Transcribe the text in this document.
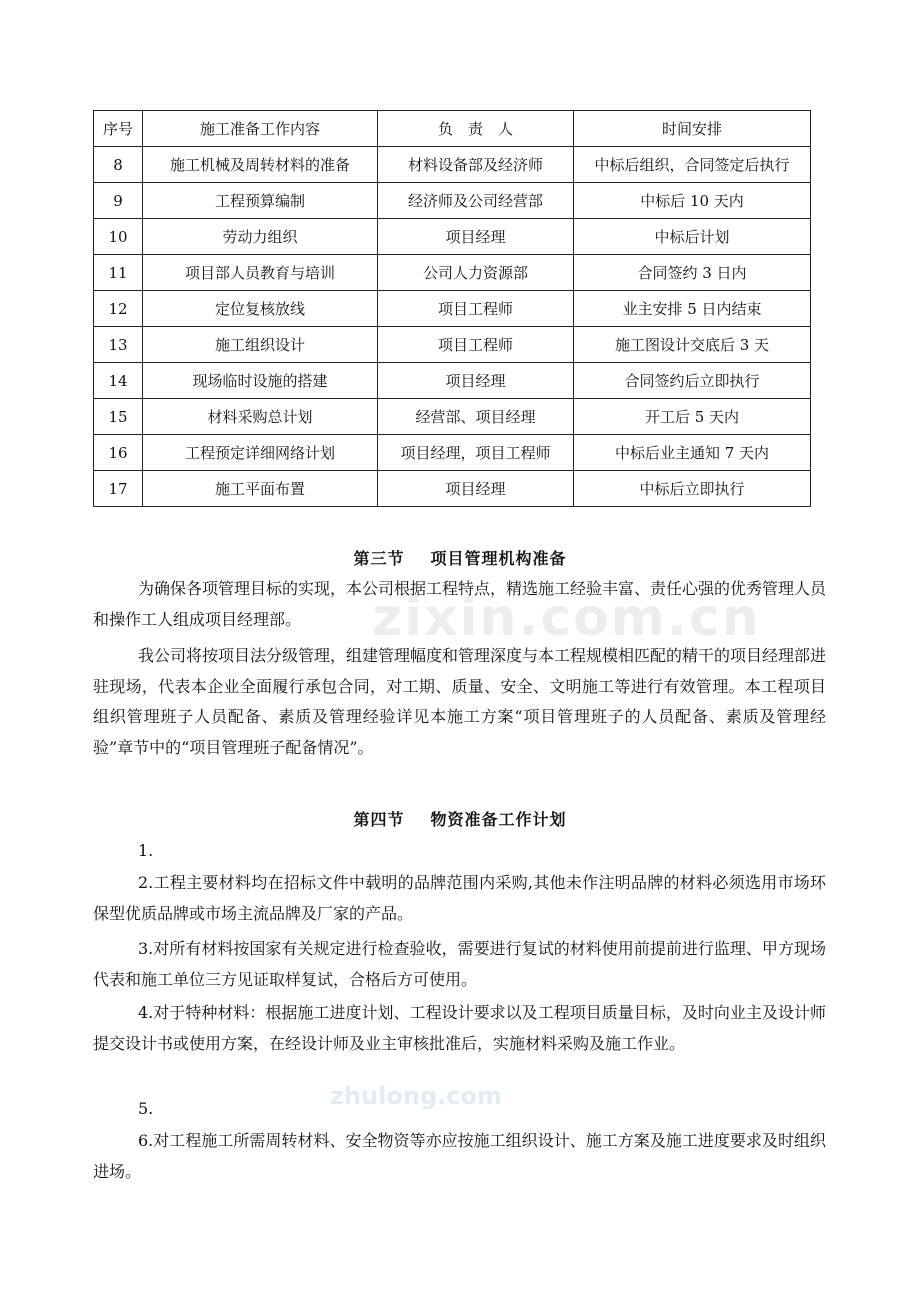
序号	施工准备工作内容	负　责　人	时间安排
8	施工机械及周转材料的准备	材料设备部及经济师	中标后组织，合同签定后执行
9	工程预算编制	经济师及公司经营部	中标后 10 天内
10	劳动力组织	项目经理	中标后计划
11	项目部人员教育与培训	公司人力资源部	合同签约 3 日内
12	定位复核放线	项目工程师	业主安排 5 日内结束
13	施工组织设计	项目工程师	施工图设计交底后 3 天
14	现场临时设施的搭建	项目经理	合同签约后立即执行
15	材料采购总计划	经营部、项目经理	开工后 5 天内
16	工程预定详细网络计划	项目经理，项目工程师	中标后业主通知 7 天内
17	施工平面布置	项目经理	中标后立即执行
第三节 项目管理机构准备
为确保各项管理目标的实现，本公司根据工程特点，精选施工经验丰富、责任心强的优秀管理人员和操作工人组成项目经理部。
我公司将按项目法分级管理，组建管理幅度和管理深度与本工程规模相匹配的精干的项目经理部进驻现场，代表本企业全面履行承包合同，对工期、质量、安全、文明施工等进行有效管理。本工程项目组织管理班子人员配备、素质及管理经验详见本施工方案“项目管理班子的人员配备、素质及管理经验”章节中的“项目管理班子配备情况”。
第四节 物资准备工作计划
1.
2.工程主要材料均在招标文件中载明的品牌范围内采购,其他未作注明品牌的材料必须选用市场环保型优质品牌或市场主流品牌及厂家的产品。
3.对所有材料按国家有关规定进行检查验收，需要进行复试的材料使用前提前进行监理、甲方现场代表和施工单位三方见证取样复试，合格后方可使用。
4.对于特种材料：根据施工进度计划、工程设计要求以及工程项目质量目标，及时向业主及设计师提交设计书或使用方案，在经设计师及业主审核批准后，实施材料采购及施工作业。
5.
6.对工程施工所需周转材料、安全物资等亦应按施工组织设计、施工方案及施工进度要求及时组织进场。
zixin.com.cn
zhulong.com
